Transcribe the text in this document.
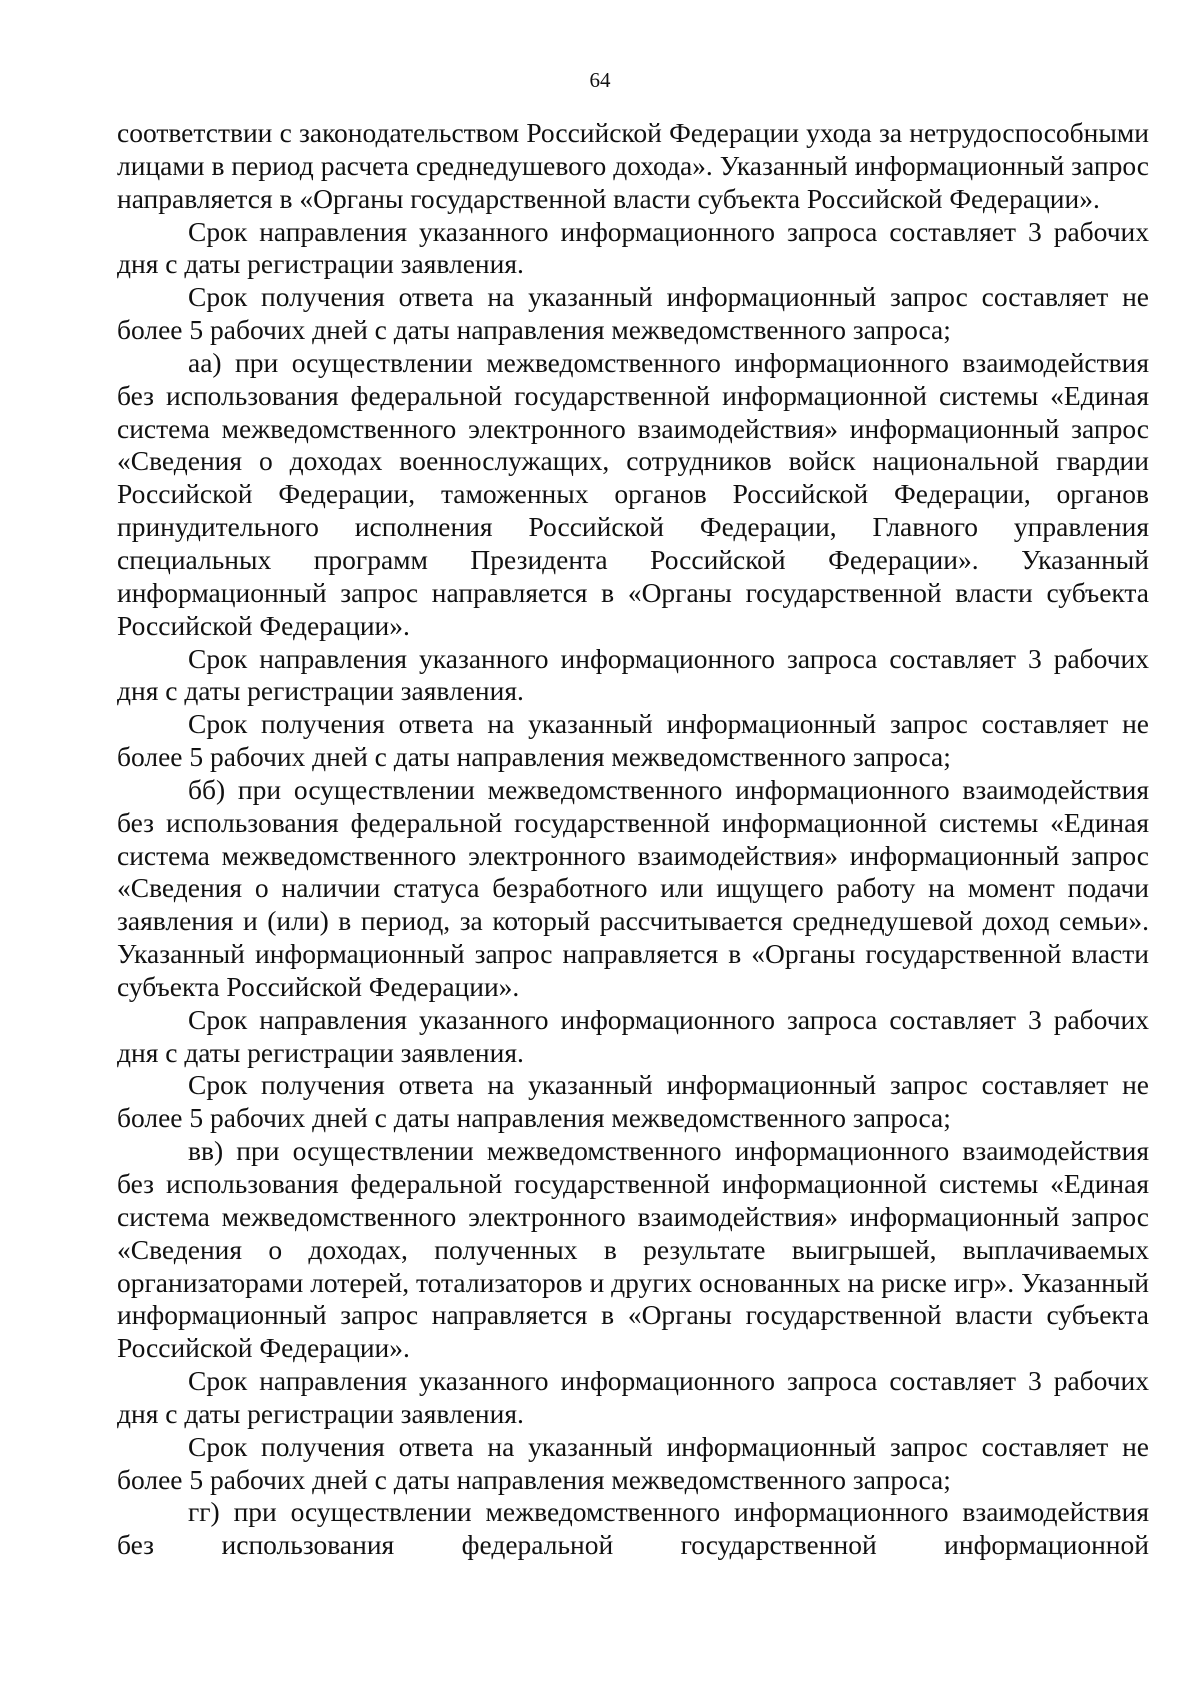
64

соответствии с законодательством Российской Федерации ухода за нетрудоспособными лицами в период расчета среднедушевого дохода». Указанный информационный запрос направляется в «Органы государственной власти субъекта Российской Федерации».

Срок направления указанного информационного запроса составляет 3 рабочих дня с даты регистрации заявления.

Срок получения ответа на указанный информационный запрос составляет не более 5 рабочих дней с даты направления межведомственного запроса;

аа) при осуществлении межведомственного информационного взаимодействия без использования федеральной государственной информационной системы «Единая система межведомственного электронного взаимодействия» информационный запрос «Сведения о доходах военнослужащих, сотрудников войск национальной гвардии Российской Федерации, таможенных органов Российской Федерации, органов принудительного исполнения Российской Федерации, Главного управления специальных программ Президента Российской Федерации». Указанный информационный запрос направляется в «Органы государственной власти субъекта Российской Федерации».

Срок направления указанного информационного запроса составляет 3 рабочих дня с даты регистрации заявления.

Срок получения ответа на указанный информационный запрос составляет не более 5 рабочих дней с даты направления межведомственного запроса;

бб) при осуществлении межведомственного информационного взаимодействия без использования федеральной государственной информационной системы «Единая система межведомственного электронного взаимодействия» информационный запрос «Сведения о наличии статуса безработного или ищущего работу на момент подачи заявления и (или) в период, за который рассчитывается среднедушевой доход семьи». Указанный информационный запрос направляется в «Органы государственной власти субъекта Российской Федерации».

Срок направления указанного информационного запроса составляет 3 рабочих дня с даты регистрации заявления.

Срок получения ответа на указанный информационный запрос составляет не более 5 рабочих дней с даты направления межведомственного запроса;

вв) при осуществлении межведомственного информационного взаимодействия без использования федеральной государственной информационной системы «Единая система межведомственного электронного взаимодействия» информационный запрос «Сведения о доходах, полученных в результате выигрышей, выплачиваемых организаторами лотерей, тотализаторов и других основанных на риске игр». Указанный информационный запрос направляется в «Органы государственной власти субъекта Российской Федерации».

Срок направления указанного информационного запроса составляет 3 рабочих дня с даты регистрации заявления.

Срок получения ответа на указанный информационный запрос составляет не более 5 рабочих дней с даты направления межведомственного запроса;

гг) при осуществлении межведомственного информационного взаимодействия без использования федеральной государственной информационной
